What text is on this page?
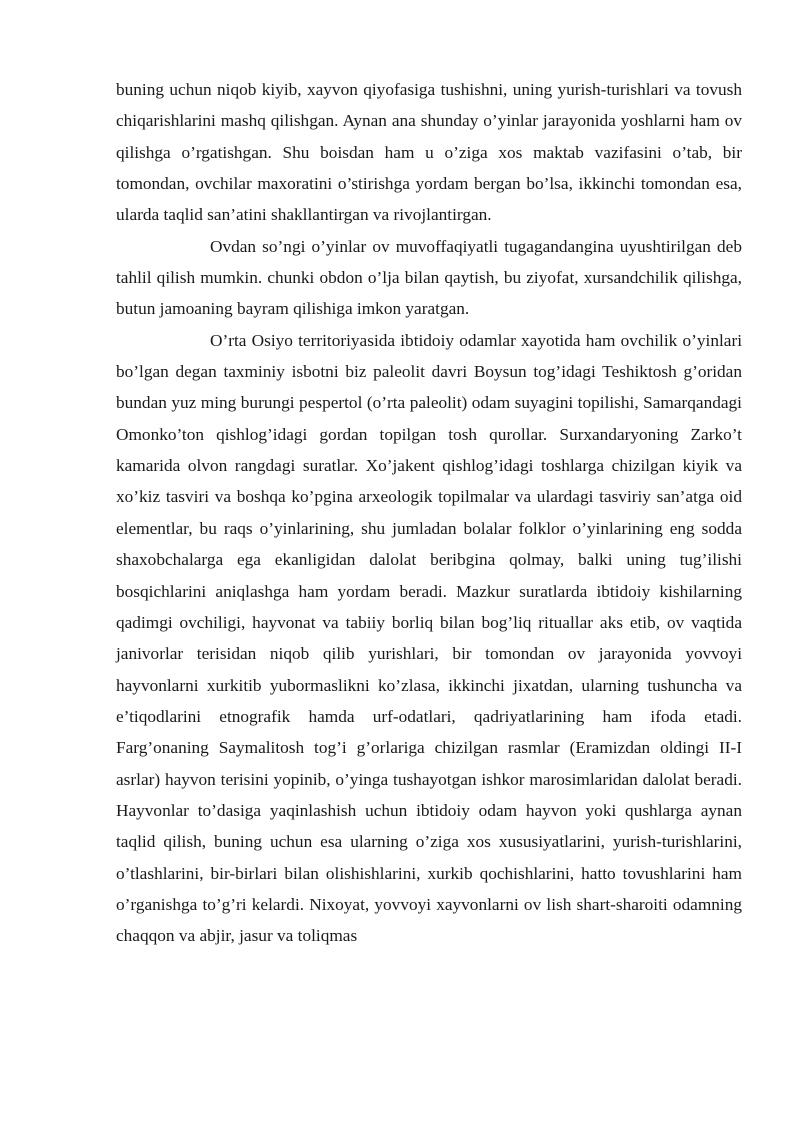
buning uchun niqob kiyib, xayvon qiyofasiga tushishni, uning yurish-turishlari va tovush chiqarishlarini mashq qilishgan. Aynan ana shunday o’yinlar jarayonida yoshlarni ham ov qilishga o’rgatishgan. Shu boisdan ham u o’ziga xos maktab vazifasini o’tab, bir tomondan, ovchilar maxoratini o’stirishga yordam bergan bo’lsa, ikkinchi tomondan esa, ularda taqlid san’atini shakllantirgan va rivojlantirgan.

Ovdan so’ngi o’yinlar ov muvoffaqiyatli tugagandangina uyushtirilgan deb tahlil qilish mumkin. chunki obdon o’lja bilan qaytish, bu ziyofat, xursandchilik qilishga, butun jamoaning bayram qilishiga imkon yaratgan.

O’rta Osiyo territoriyasida ibtidoiy odamlar xayotida ham ovchilik o’yinlari bo’lgan degan taxminiy isbotni biz paleolit davri Boysun tog’idagi Teshiktosh g’oridan bundan yuz ming burungi pespertol (o’rta paleolit) odam suyagini topilishi, Samarqandagi Omonko’ton qishlog’idagi gordan topilgan tosh qurollar. Surxandaryoning Zarko’t kamarida olvon rangdagi suratlar. Xo’jakent qishlog’idagi toshlarga chizilgan kiyik va xo’kiz tasviri va boshqa ko’pgina arxeologik topilmalar va ulardagi tasviriy san’atga oid elementlar, bu raqs o’yinlarining, shu jumladan bolalar folklor o’yinlarining eng sodda shaxobchalarga ega ekanligidan dalolat beribgina qolmay, balki uning tug’ilishi bosqichlarini aniqlashga ham yordam beradi. Mazkur suratlarda ibtidoiy kishilarning qadimgi ovchiligi, hayvonat va tabiiy borliq bilan bog’liq rituallar aks etib, ov vaqtida janivorlar terisidan niqob qilib yurishlari, bir tomondan ov jarayonida yovvoyi hayvonlarni xurkitib yubormaslikni ko’zlasa, ikkinchi jixatdan, ularning tushuncha va e’tiqodlarini etnografik hamda urf-odatlari, qadriyatlarining ham ifoda etadi. Farg’onaning Saymalitosh tog’i g’orlariga chizilgan rasmlar (Eramizdan oldingi II-I asrlar) hayvon terisini yopinib, o’yinga tushayotgan ishkor marosimlaridan dalolat beradi. Hayvonlar to’dasiga yaqinlashish uchun ibtidoiy odam hayvon yoki qushlarga aynan taqlid qilish, buning uchun esa ularning o’ziga xos xususiyatlarini, yurish-turishlarini, o’tlashlarini, bir-birlari bilan olishishlarini, xurkib qochishlarini, hatto tovushlarini ham o’rganishga to’g’ri kelardi. Nixoyat, yovvoyi xayvonlarni ov lish shart-sharoiti odamning chaqqon va abjir, jasur va toliqmas
